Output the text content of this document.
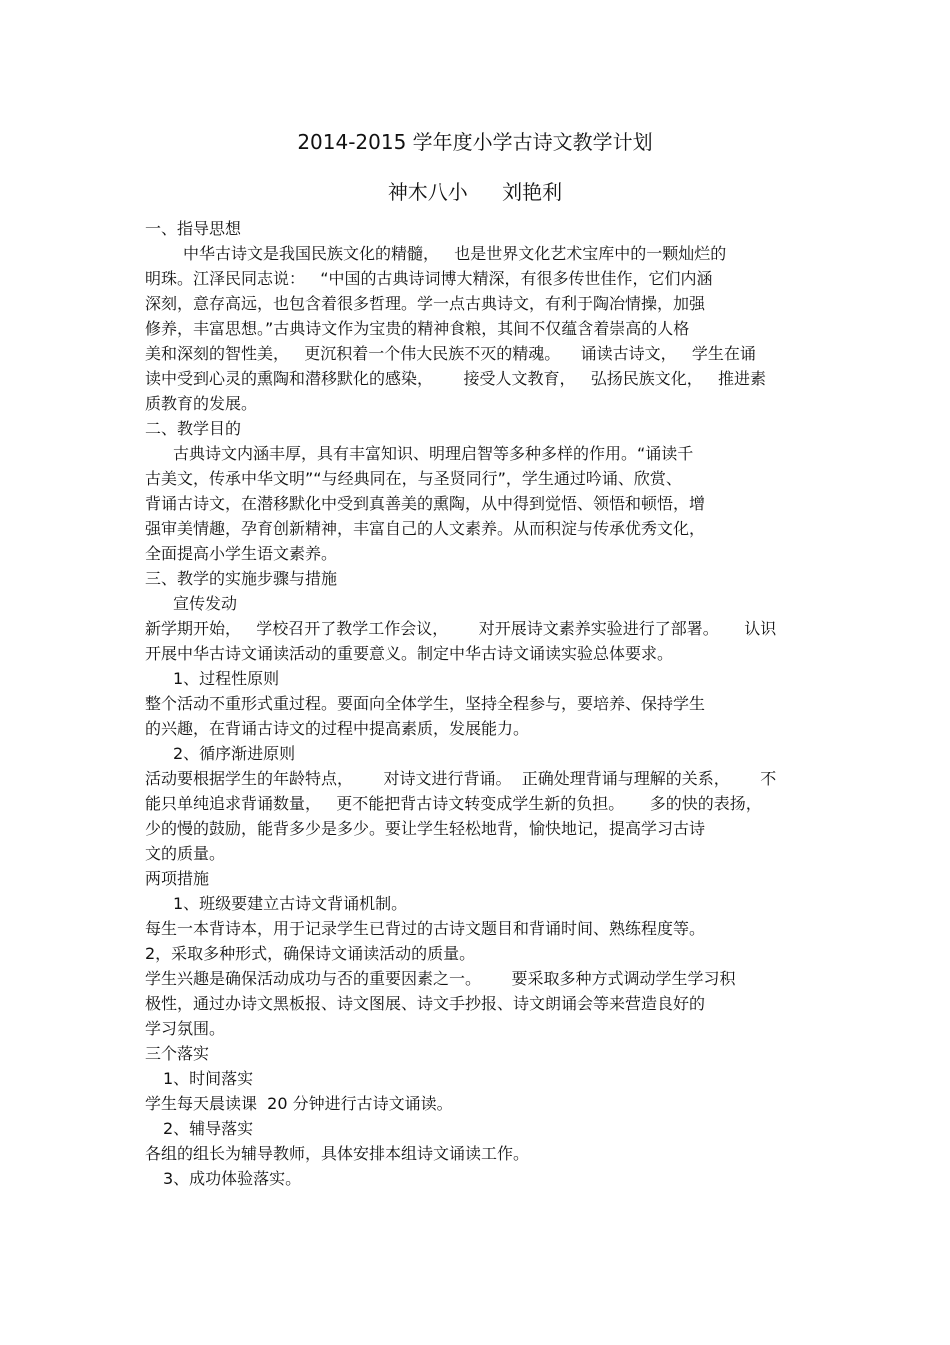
2014-2015 学年度小学古诗文教学计划
神木八小 刘艳利
一、指导思想
中华古诗文是我国民族文化的精髓，   也是世界文化艺术宝库中的一颗灿烂的
明珠。江泽民同志说：   “中国的古典诗词博大精深，有很多传世佳作，它们内涵
深刻，意存高远，也包含着很多哲理。学一点古典诗文，有利于陶冶情操，加强
修养，丰富思想。”古典诗文作为宝贵的精神食粮，其间不仅蕴含着崇高的人格
美和深刻的智性美，   更沉积着一个伟大民族不灭的精魂。    诵读古诗文，   学生在诵
读中受到心灵的熏陶和潜移默化的感染，      接受人文教育，   弘扬民族文化，   推进素
质教育的发展。
二、教学目的
古典诗文内涵丰厚，具有丰富知识、明理启智等多种多样的作用。“诵读千
古美文，传承中华文明”“与经典同在，与圣贤同行”，学生通过吟诵、欣赏、
背诵古诗文，在潜移默化中受到真善美的熏陶，从中得到觉悟、领悟和顿悟，增
强审美情趣，孕育创新精神，丰富自己的人文素养。从而积淀与传承优秀文化，
全面提高小学生语文素养。
三、教学的实施步骤与措施
宣传发动
新学期开始，   学校召开了教学工作会议，      对开展诗文素养实验进行了部署。     认识
开展中华古诗文诵读活动的重要意义。制定中华古诗文诵读实验总体要求。
1、过程性原则
整个活动不重形式重过程。要面向全体学生，坚持全程参与，要培养、保持学生
的兴趣，在背诵古诗文的过程中提高素质，发展能力。
2、循序渐进原则
活动要根据学生的年龄特点，      对诗文进行背诵。  正确处理背诵与理解的关系，      不
能只单纯追求背诵数量，   更不能把背古诗文转变成学生新的负担。     多的快的表扬，
少的慢的鼓励，能背多少是多少。要让学生轻松地背，愉快地记，提高学习古诗
文的质量。
两项措施
1、班级要建立古诗文背诵机制。
每生一本背诗本，用于记录学生已背过的古诗文题目和背诵时间、熟练程度等。
2，采取多种形式，确保诗文诵读活动的质量。
学生兴趣是确保活动成功与否的重要因素之一。      要采取多种方式调动学生学习积
极性，通过办诗文黑板报、诗文图展、诗文手抄报、诗文朗诵会等来营造良好的
学习氛围。
三个落实
1、时间落实
学生每天晨读课  20 分钟进行古诗文诵读。
2、辅导落实
各组的组长为辅导教师，具体安排本组诗文诵读工作。
3、成功体验落实。
